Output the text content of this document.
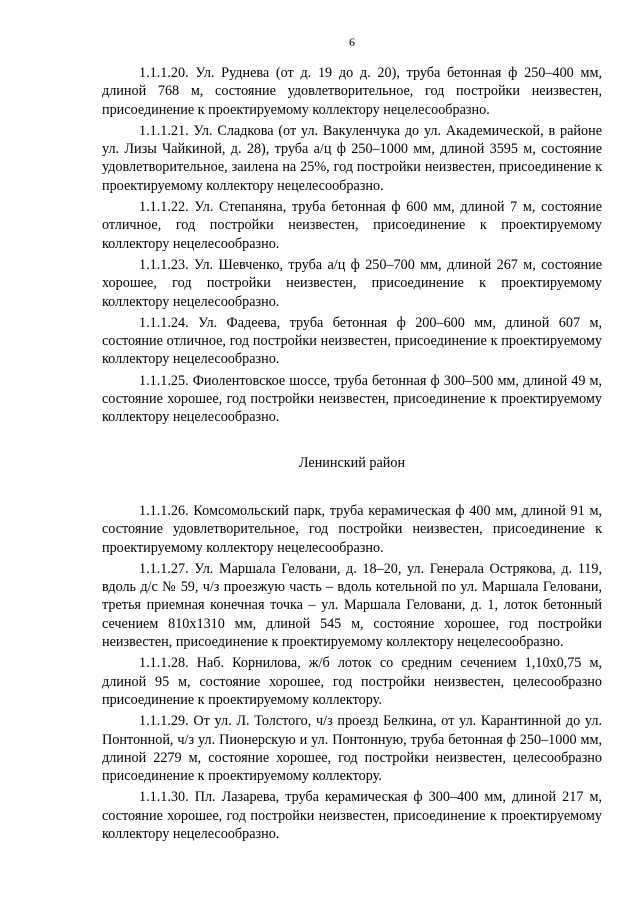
6

1.1.1.20. Ул. Руднева (от д. 19 до д. 20), труба бетонная ф 250–400 мм, длиной 768 м, состояние удовлетворительное, год постройки неизвестен, присоединение к проектируемому коллектору нецелесообразно.

1.1.1.21. Ул. Сладкова (от ул. Вакуленчука до ул. Академической, в районе ул. Лизы Чайкиной, д. 28), труба а/ц ф 250–1000 мм, длиной 3595 м, состояние удовлетворительное, заилена на 25%, год постройки неизвестен, присоединение к проектируемому коллектору нецелесообразно.

1.1.1.22. Ул. Степаняна, труба бетонная ф 600 мм, длиной 7 м, состояние отличное, год постройки неизвестен, присоединение к проектируемому коллектору нецелесообразно.

1.1.1.23. Ул. Шевченко, труба а/ц ф 250–700 мм, длиной 267 м, состояние хорошее, год постройки неизвестен, присоединение к проектируемому коллектору нецелесообразно.

1.1.1.24. Ул. Фадеева, труба бетонная ф 200–600 мм, длиной 607 м, состояние отличное, год постройки неизвестен, присоединение к проектируемому коллектору нецелесообразно.

1.1.1.25. Фиолентовское шоссе, труба бетонная ф 300–500 мм, длиной 49 м, состояние хорошее, год постройки неизвестен, присоединение к проектируемому коллектору нецелесообразно.

Ленинский район

1.1.1.26. Комсомольский парк, труба керамическая ф 400 мм, длиной 91 м, состояние удовлетворительное, год постройки неизвестен, присоединение к проектируемому коллектору нецелесообразно.

1.1.1.27. Ул. Маршала Геловани, д. 18–20, ул. Генерала Острякова, д. 119, вдоль д/с № 59, ч/з проезжую часть – вдоль котельной по ул. Маршала Геловани, третья приемная конечная точка – ул. Маршала Геловани, д. 1, лоток бетонный сечением 810х1310 мм, длиной 545 м, состояние хорошее, год постройки неизвестен, присоединение к проектируемому коллектору нецелесообразно.

1.1.1.28. Наб. Корнилова, ж/б лоток со средним сечением 1,10х0,75 м, длиной 95 м, состояние хорошее, год постройки неизвестен, целесообразно присоединение к проектируемому коллектору.

1.1.1.29. От ул. Л. Толстого, ч/з проезд Белкина, от ул. Карантинной до ул. Понтонной, ч/з ул. Пионерскую и ул. Понтонную, труба бетонная ф 250–1000 мм, длиной 2279 м, состояние хорошее, год постройки неизвестен, целесообразно присоединение к проектируемому коллектору.

1.1.1.30. Пл. Лазарева, труба керамическая ф 300–400 мм, длиной 217 м, состояние хорошее, год постройки неизвестен, присоединение к проектируемому коллектору нецелесообразно.
